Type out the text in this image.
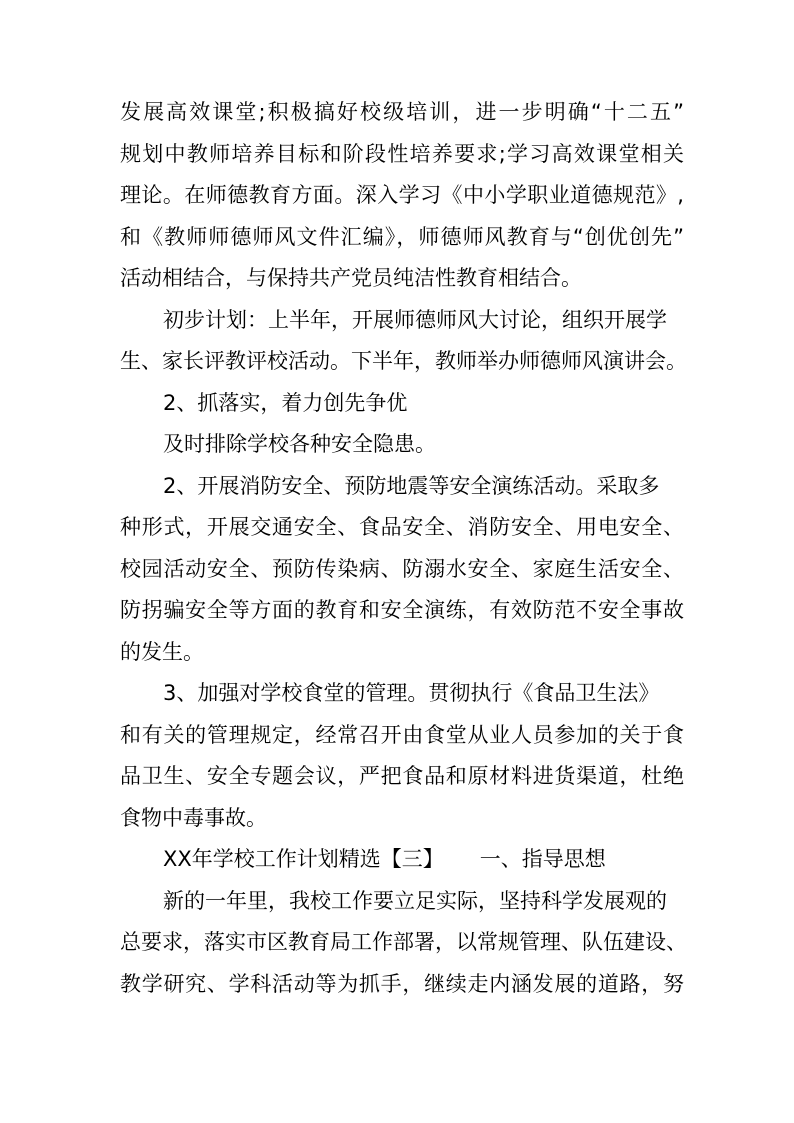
发展高效课堂;积极搞好校级培训，进一步明确“十二五”
规划中教师培养目标和阶段性培养要求;学习高效课堂相关
理论。在师德教育方面。深入学习《中小学职业道德规范》,
和《教师师德师风文件汇编》，师德师风教育与“创优创先”
活动相结合，与保持共产党员纯洁性教育相结合。
初步计划：上半年，开展师德师风大讨论，组织开展学
生、家长评教评校活动。下半年，教师举办师德师风演讲会。
2、抓落实，着力创先争优
及时排除学校各种安全隐患。
2、开展消防安全、预防地震等安全演练活动。采取多
种形式，开展交通安全、食品安全、消防安全、用电安全、
校园活动安全、预防传染病、防溺水安全、家庭生活安全、
防拐骗安全等方面的教育和安全演练，有效防范不安全事故
的发生。
3、加强对学校食堂的管理。贯彻执行《食品卫生法》
和有关的管理规定，经常召开由食堂从业人员参加的关于食
品卫生、安全专题会议，严把食品和原材料进货渠道，杜绝
食物中毒事故。
XX年学校工作计划精选【三】 一、指导思想
新的一年里，我校工作要立足实际，坚持科学发展观的
总要求，落实市区教育局工作部署，以常规管理、队伍建设、
教学研究、学科活动等为抓手，继续走内涵发展的道路，努
